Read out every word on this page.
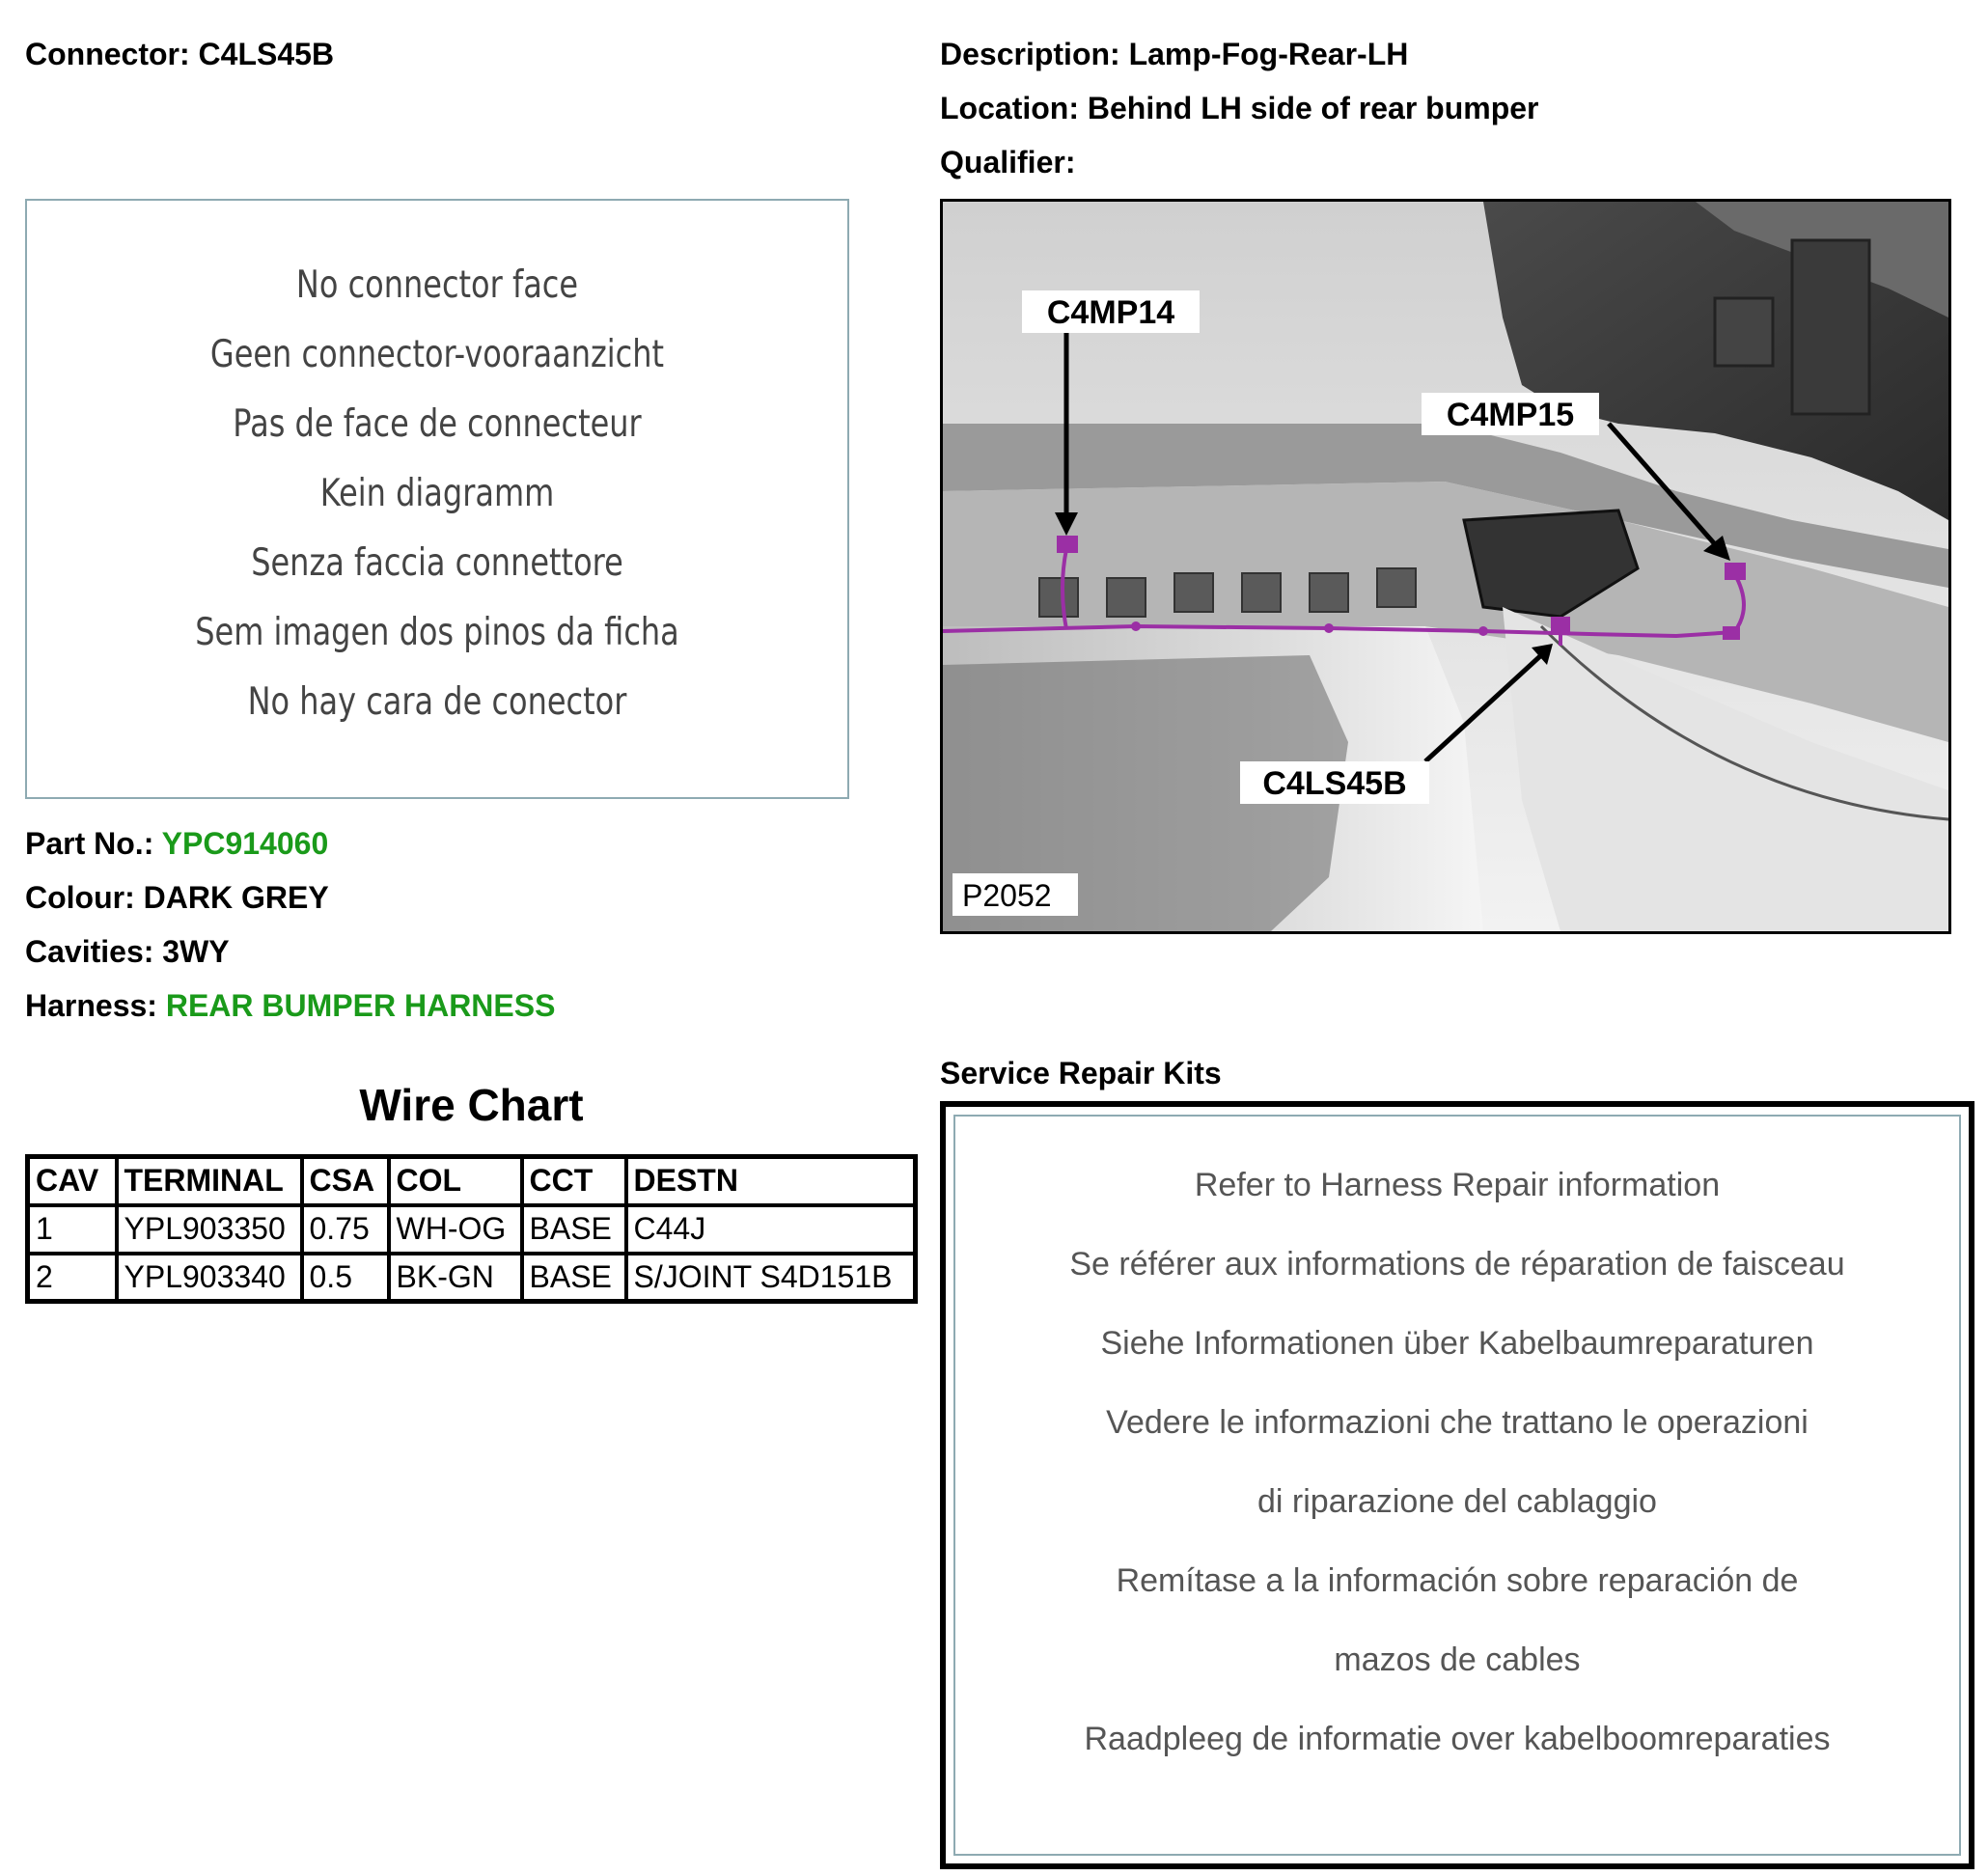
Connector: C4LS45B	Description: Lamp-Fog-Rear-LH
Location: Behind LH side of rear bumper
Qualifier:
No connector face
Geen connector-vooraanzicht
Pas de face de connecteur
Kein diagramm
Senza faccia connettore
Sem imagen dos pinos da ficha
No hay cara de conector
Part No.: YPC914060
Colour: DARK GREY
Cavities: 3WY
Harness: REAR BUMPER HARNESS
C4MP14
C4MP15
C4LS45B
P2052
Wire Chart
CAV	TERMINAL	CSA	COL	CCT	DESTN
1	YPL903350	0.75	WH-OG	BASE	C44J
2	YPL903340	0.5	BK-GN	BASE	S/JOINT S4D151B
Service Repair Kits
Refer to Harness Repair information
Se référer aux informations de réparation de faisceau
Siehe Informationen über Kabelbaumreparaturen
Vedere le informazioni che trattano le operazioni
di riparazione del cablaggio
Remítase a la información sobre reparación de
mazos de cables
Raadpleeg de informatie over kabelboomreparaties
